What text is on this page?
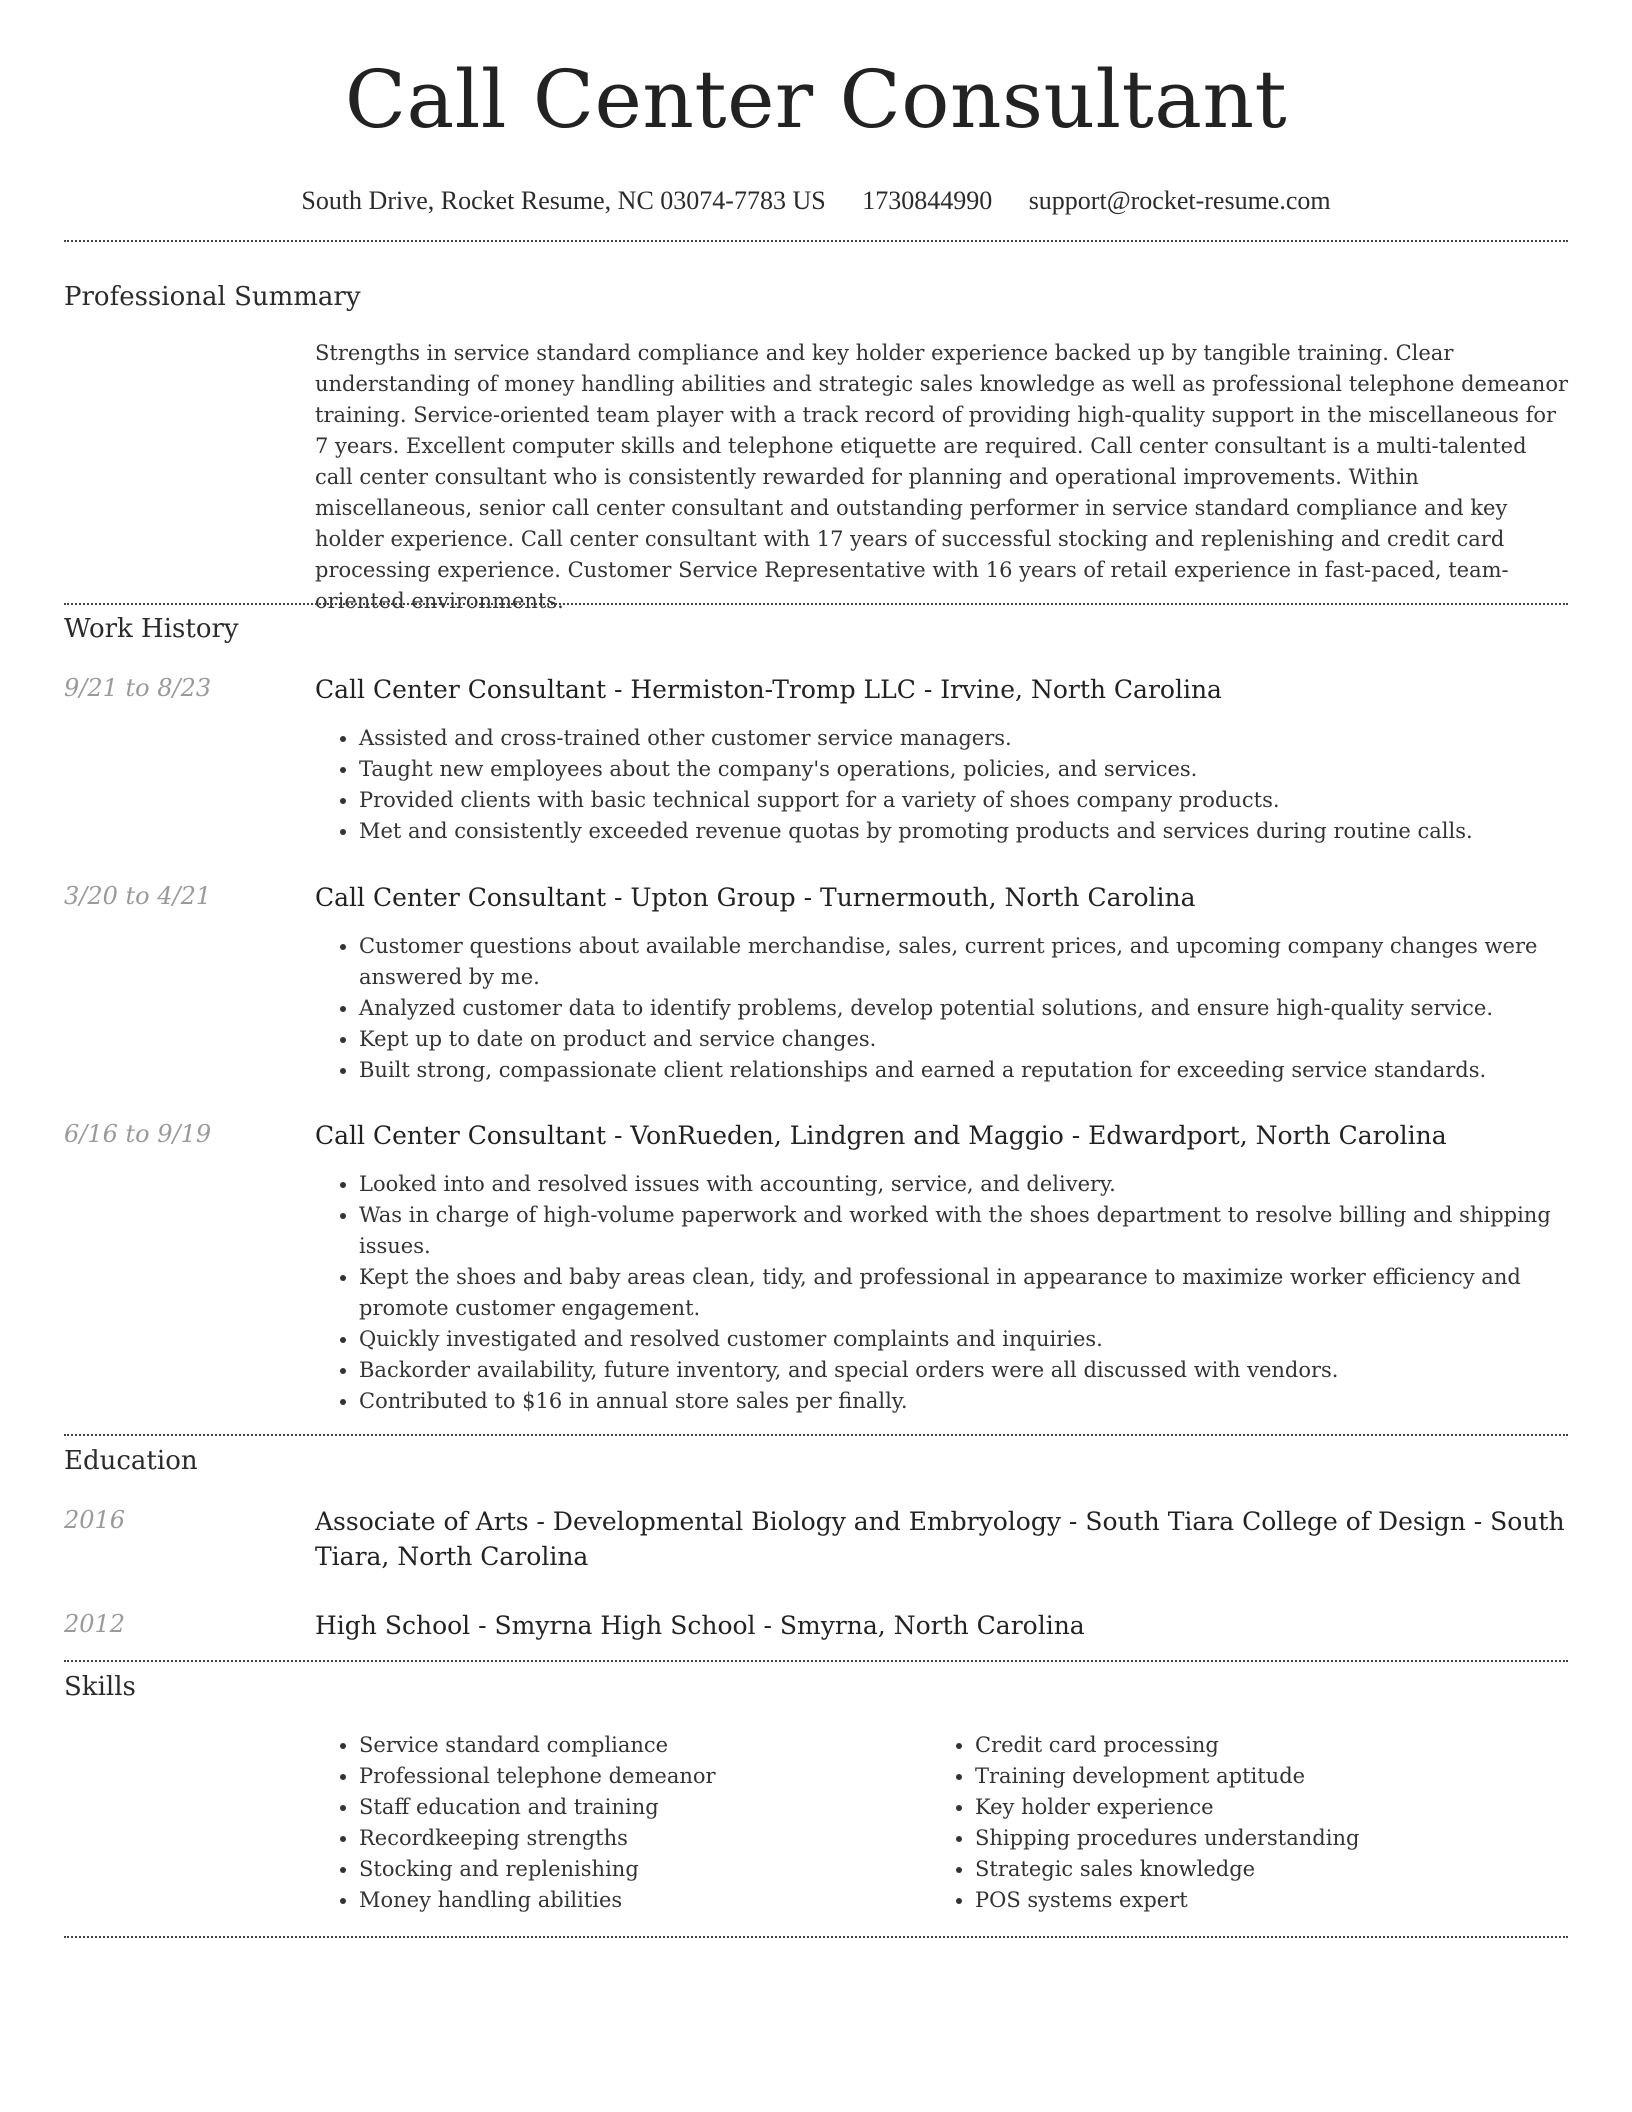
Call Center Consultant
South Drive, Rocket Resume, NC 03074-7783 US 1730844990 support@rocket-resume.com
Professional Summary

Strengths in service standard compliance and key holder experience backed up by tangible training. Clear understanding of money handling abilities and strategic sales knowledge as well as professional telephone demeanor training. Service-oriented team player with a track record of providing high-quality support in the miscellaneous for 7 years. Excellent computer skills and telephone etiquette are required. Call center consultant is a multi-talented call center consultant who is consistently rewarded for planning and operational improvements. Within miscellaneous, senior call center consultant and outstanding performer in service standard compliance and key holder experience. Call center consultant with 17 years of successful stocking and replenishing and credit card processing experience. Customer Service Representative with 16 years of retail experience in fast-paced, team-oriented environments.

Work History
9/21 to 8/23	Call Center Consultant - Hermiston-Tromp LLC - Irvine, North Carolina
• Assisted and cross-trained other customer service managers.
• Taught new employees about the company's operations, policies, and services.
• Provided clients with basic technical support for a variety of shoes company products.
• Met and consistently exceeded revenue quotas by promoting products and services during routine calls.
3/20 to 4/21	Call Center Consultant - Upton Group - Turnermouth, North Carolina
• Customer questions about available merchandise, sales, current prices, and upcoming company changes were answered by me.
• Analyzed customer data to identify problems, develop potential solutions, and ensure high-quality service.
• Kept up to date on product and service changes.
• Built strong, compassionate client relationships and earned a reputation for exceeding service standards.
6/16 to 9/19	Call Center Consultant - VonRueden, Lindgren and Maggio - Edwardport, North Carolina
• Looked into and resolved issues with accounting, service, and delivery.
• Was in charge of high-volume paperwork and worked with the shoes department to resolve billing and shipping issues.
• Kept the shoes and baby areas clean, tidy, and professional in appearance to maximize worker efficiency and promote customer engagement.
• Quickly investigated and resolved customer complaints and inquiries.
• Backorder availability, future inventory, and special orders were all discussed with vendors.
• Contributed to $16 in annual store sales per finally.
Education
2016	Associate of Arts - Developmental Biology and Embryology - South Tiara College of Design - South Tiara, North Carolina
2012	High School - Smyrna High School - Smyrna, North Carolina
Skills
• Service standard compliance
• Professional telephone demeanor
• Staff education and training
• Recordkeeping strengths
• Stocking and replenishing
• Money handling abilities
• Credit card processing
• Training development aptitude
• Key holder experience
• Shipping procedures understanding
• Strategic sales knowledge
• POS systems expert
